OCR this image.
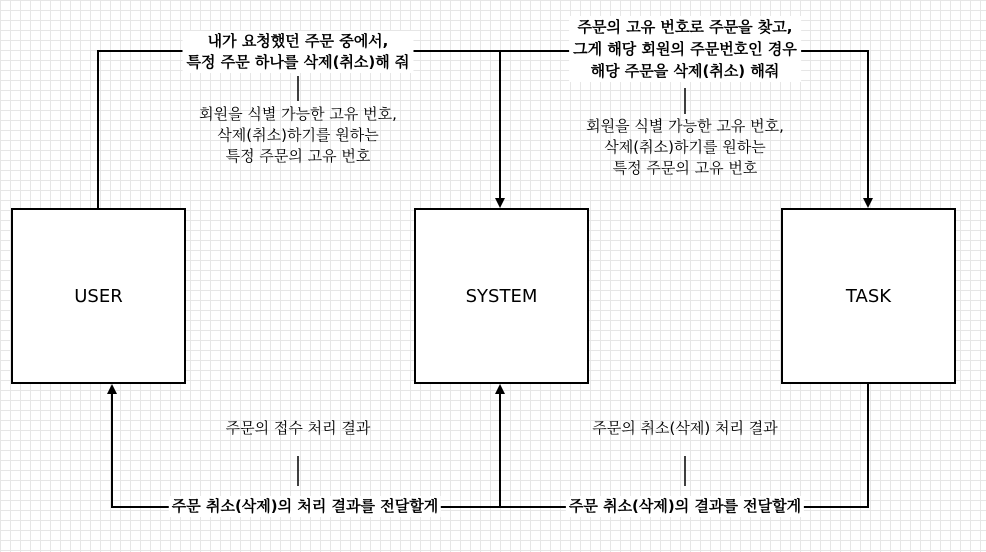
USER	SYSTEM	TASK
내가 요청했던 주문 중에서,
특정 주문 하나를 삭제(취소)해 줘
회원을 식별 가능한 고유 번호,
삭제(취소)하기를 원하는
특정 주문의 고유 번호
주문의 고유 번호로 주문을 찾고,
그게 해당 회원의 주문번호인 경우
해당 주문을 삭제(취소) 해줘
회원을 식별 가능한 고유 번호,
삭제(취소)하기를 원하는
특정 주문의 고유 번호
주문의 접수 처리 결과	주문의 취소(삭제) 처리 결과
주문 취소(삭제)의 처리 결과를 전달할게	주문 취소(삭제)의 결과를 전달할게
